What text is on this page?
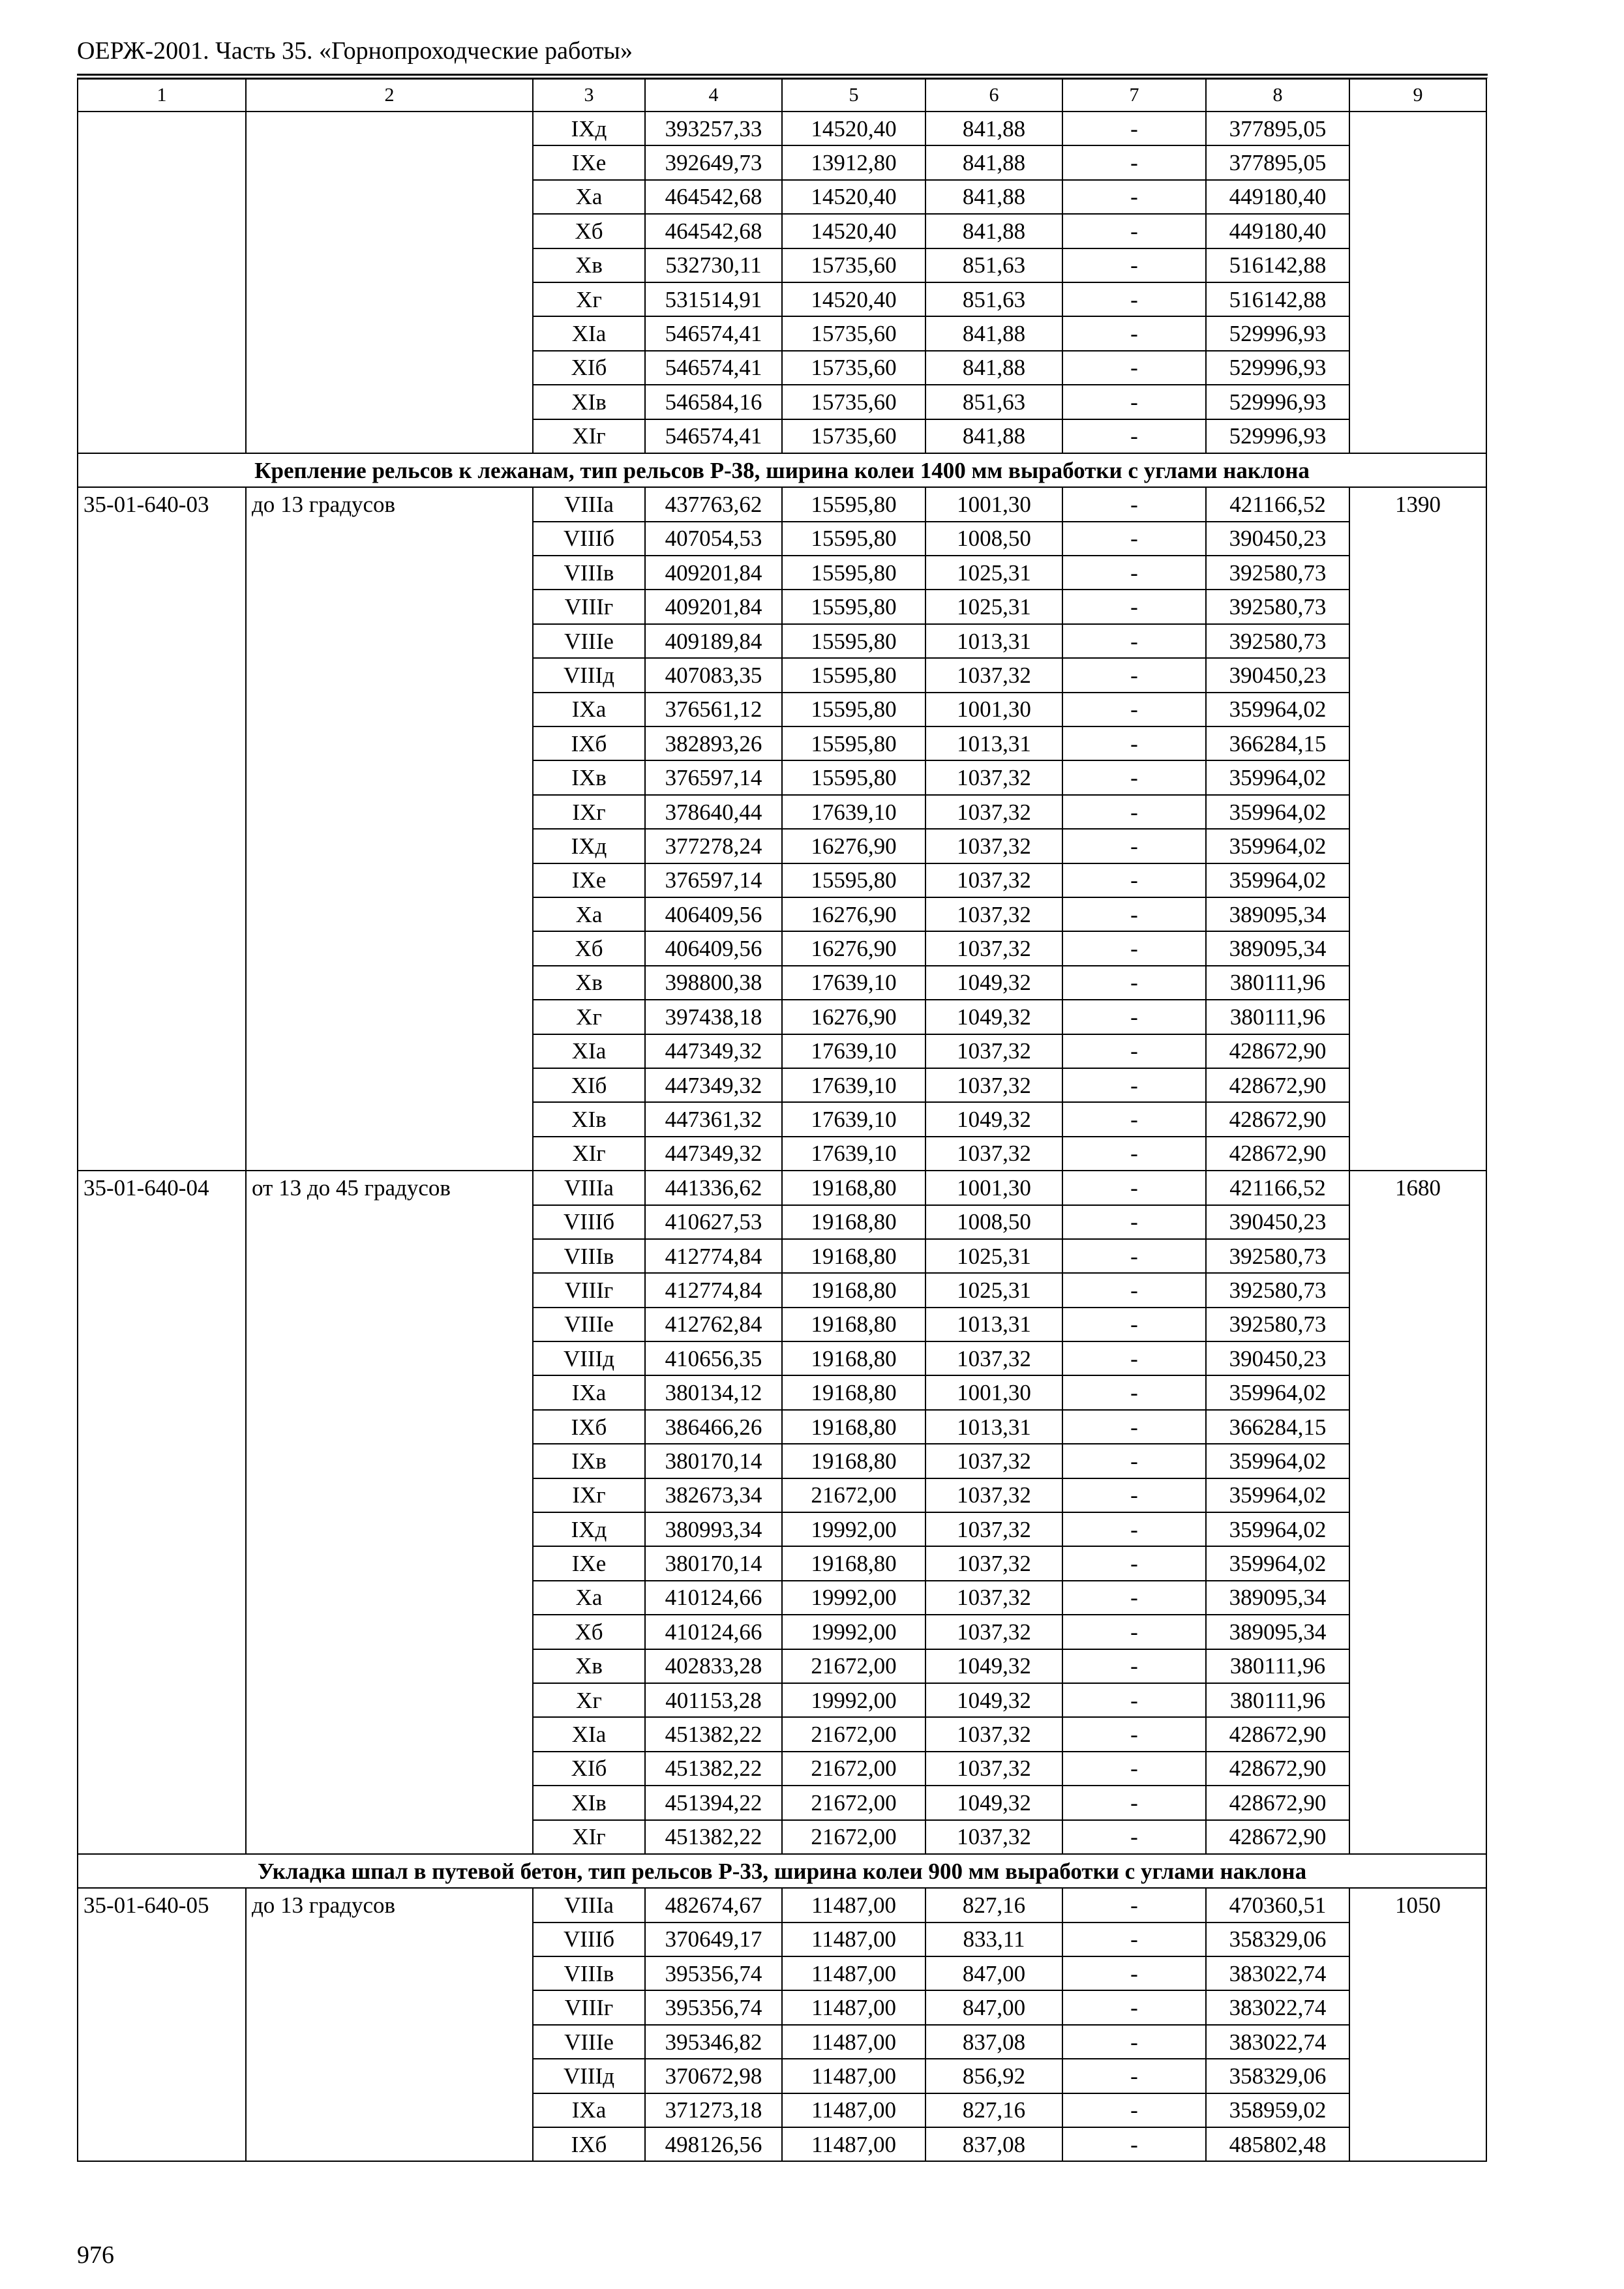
ОЕРЖ-2001. Часть 35. «Горнопроходческие работы»
1	2	3	4	5	6	7	8	9
		IXд	393257,33	14520,40	841,88	-	377895,05	
		IXе	392649,73	13912,80	841,88	-	377895,05	
		Xа	464542,68	14520,40	841,88	-	449180,40	
		Xб	464542,68	14520,40	841,88	-	449180,40	
		Xв	532730,11	15735,60	851,63	-	516142,88	
		Xг	531514,91	14520,40	851,63	-	516142,88	
		XIа	546574,41	15735,60	841,88	-	529996,93	
		XIб	546574,41	15735,60	841,88	-	529996,93	
		XIв	546584,16	15735,60	851,63	-	529996,93	
		XIг	546574,41	15735,60	841,88	-	529996,93	
Крепление рельсов к лежанам, тип рельсов Р-38, ширина колеи 1400 мм выработки с углами наклона								
35-01-640-03	до 13 градусов	VIIIа	437763,62	15595,80	1001,30	-	421166,52	1390
		VIIIб	407054,53	15595,80	1008,50	-	390450,23	
		VIIIв	409201,84	15595,80	1025,31	-	392580,73	
		VIIIг	409201,84	15595,80	1025,31	-	392580,73	
		VIIIе	409189,84	15595,80	1013,31	-	392580,73	
		VIIIд	407083,35	15595,80	1037,32	-	390450,23	
		IXа	376561,12	15595,80	1001,30	-	359964,02	
		IXб	382893,26	15595,80	1013,31	-	366284,15	
		IXв	376597,14	15595,80	1037,32	-	359964,02	
		IXг	378640,44	17639,10	1037,32	-	359964,02	
		IXд	377278,24	16276,90	1037,32	-	359964,02	
		IXе	376597,14	15595,80	1037,32	-	359964,02	
		Xа	406409,56	16276,90	1037,32	-	389095,34	
		Xб	406409,56	16276,90	1037,32	-	389095,34	
		Xв	398800,38	17639,10	1049,32	-	380111,96	
		Xг	397438,18	16276,90	1049,32	-	380111,96	
		XIа	447349,32	17639,10	1037,32	-	428672,90	
		XIб	447349,32	17639,10	1037,32	-	428672,90	
		XIв	447361,32	17639,10	1049,32	-	428672,90	
		XIг	447349,32	17639,10	1037,32	-	428672,90	
35-01-640-04	от 13 до 45 градусов	VIIIа	441336,62	19168,80	1001,30	-	421166,52	1680
		VIIIб	410627,53	19168,80	1008,50	-	390450,23	
		VIIIв	412774,84	19168,80	1025,31	-	392580,73	
		VIIIг	412774,84	19168,80	1025,31	-	392580,73	
		VIIIе	412762,84	19168,80	1013,31	-	392580,73	
		VIIIд	410656,35	19168,80	1037,32	-	390450,23	
		IXа	380134,12	19168,80	1001,30	-	359964,02	
		IXб	386466,26	19168,80	1013,31	-	366284,15	
		IXв	380170,14	19168,80	1037,32	-	359964,02	
		IXг	382673,34	21672,00	1037,32	-	359964,02	
		IXд	380993,34	19992,00	1037,32	-	359964,02	
		IXе	380170,14	19168,80	1037,32	-	359964,02	
		Xа	410124,66	19992,00	1037,32	-	389095,34	
		Xб	410124,66	19992,00	1037,32	-	389095,34	
		Xв	402833,28	21672,00	1049,32	-	380111,96	
		Xг	401153,28	19992,00	1049,32	-	380111,96	
		XIа	451382,22	21672,00	1037,32	-	428672,90	
		XIб	451382,22	21672,00	1037,32	-	428672,90	
		XIв	451394,22	21672,00	1049,32	-	428672,90	
		XIг	451382,22	21672,00	1037,32	-	428672,90	
Укладка шпал в путевой бетон, тип рельсов Р-33, ширина колеи 900 мм выработки с углами наклона								
35-01-640-05	до 13 градусов	VIIIа	482674,67	11487,00	827,16	-	470360,51	1050
		VIIIб	370649,17	11487,00	833,11	-	358329,06	
		VIIIв	395356,74	11487,00	847,00	-	383022,74	
		VIIIг	395356,74	11487,00	847,00	-	383022,74	
		VIIIе	395346,82	11487,00	837,08	-	383022,74	
		VIIIд	370672,98	11487,00	856,92	-	358329,06	
		IXа	371273,18	11487,00	827,16	-	358959,02	
		IXб	498126,56	11487,00	837,08	-	485802,48	
976
